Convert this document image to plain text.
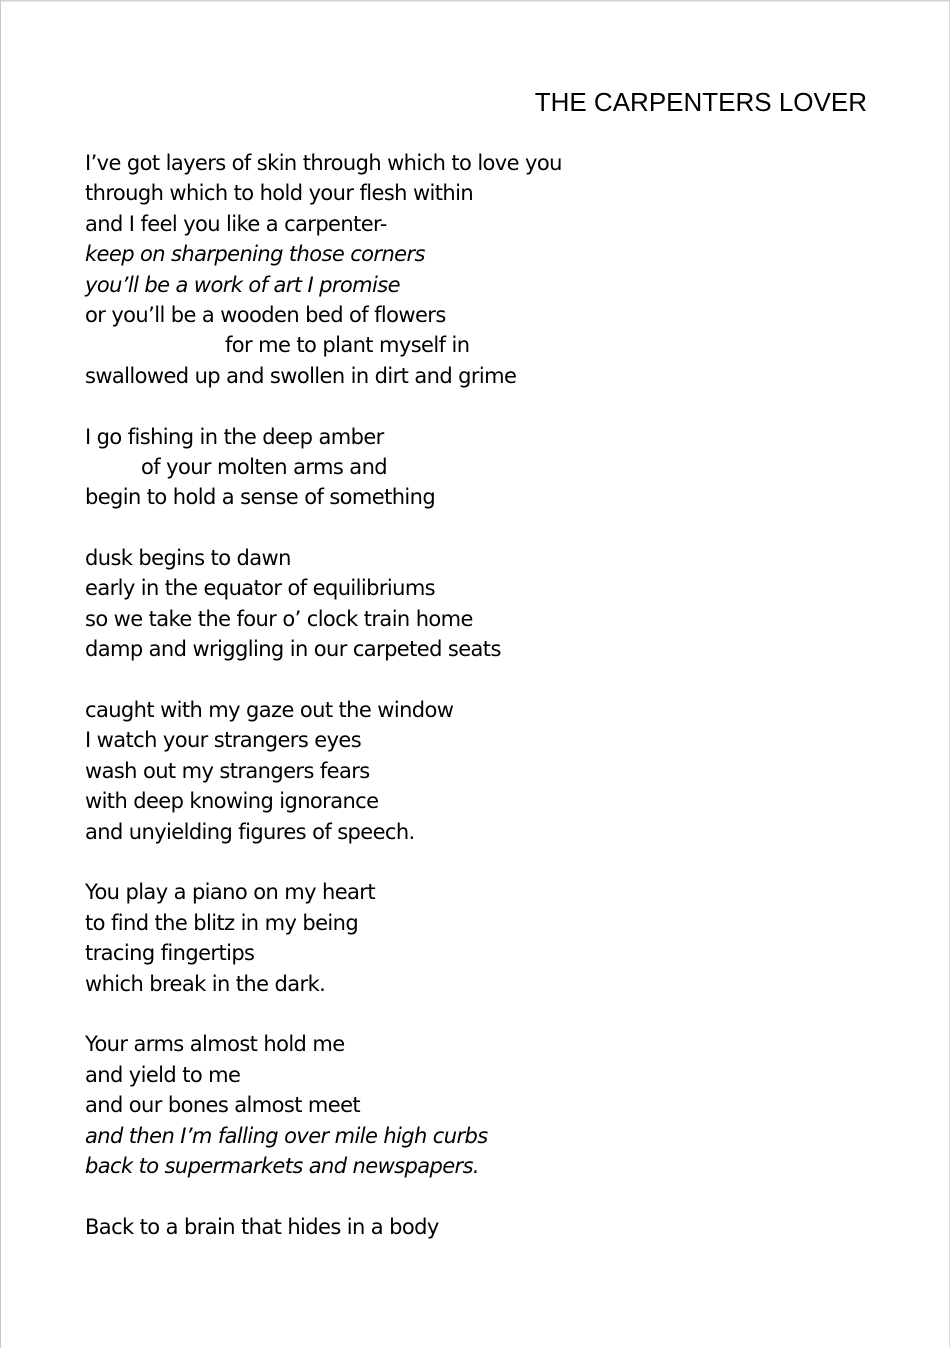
THE CARPENTERS LOVER
I’ve got layers of skin through which to love you
through which to hold your flesh within
and I feel you like a carpenter-
keep on sharpening those corners
you’ll be a work of art I promise
or you’ll be a wooden bed of flowers
for me to plant myself in
swallowed up and swollen in dirt and grime
I go fishing in the deep amber
of your molten arms and
begin to hold a sense of something
dusk begins to dawn
early in the equator of equilibriums
so we take the four o’ clock train home
damp and wriggling in our carpeted seats
caught with my gaze out the window
I watch your strangers eyes
wash out my strangers fears
with deep knowing ignorance
and unyielding figures of speech.
You play a piano on my heart
to find the blitz in my being
tracing fingertips
which break in the dark.
Your arms almost hold me
and yield to me
and our bones almost meet
and then I’m falling over mile high curbs
back to supermarkets and newspapers.
Back to a brain that hides in a body
